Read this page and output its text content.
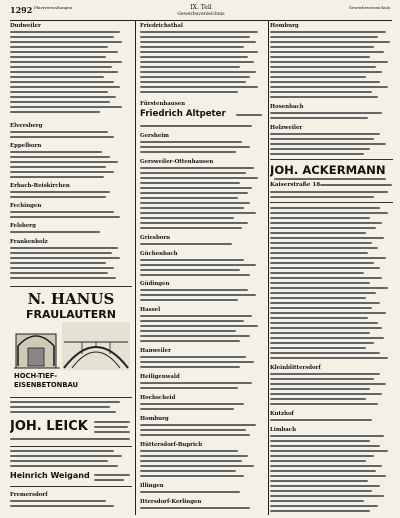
1292 Pfarrverwaltungen	IX. Teil
Gewerbeverzeichnis
Gewerbeverzeichnis
Dudweiler
Elversberg
Eppelborn
Erbach-Reiskirchen
Fechingen
Felsberg
Frankenholz
N. HANUS
FRAULAUTERN
HOCH-TIEF-
EISENBETONBAU
JOH. LEICK
Heinrich Weigand
Fremersdorf
Friedrichsthal
Fürstenhausen
Friedrich Altpeter
Gersheim
Gersweiler-Ottenhausen
Griesborn
Güchenbach
Güdingen
Hassel
Hanweiler
Heiligenwald
Hochscheid
Homburg
Hüttersdorf-Buprich
Illingen
Ittersdorf-Kerlingen
Homburg
Hosenbach
Holzweiler
JOH. ACKERMANN
Kaiserstraße 18
Kleinblittersdorf
Kutzhof
Limbach
